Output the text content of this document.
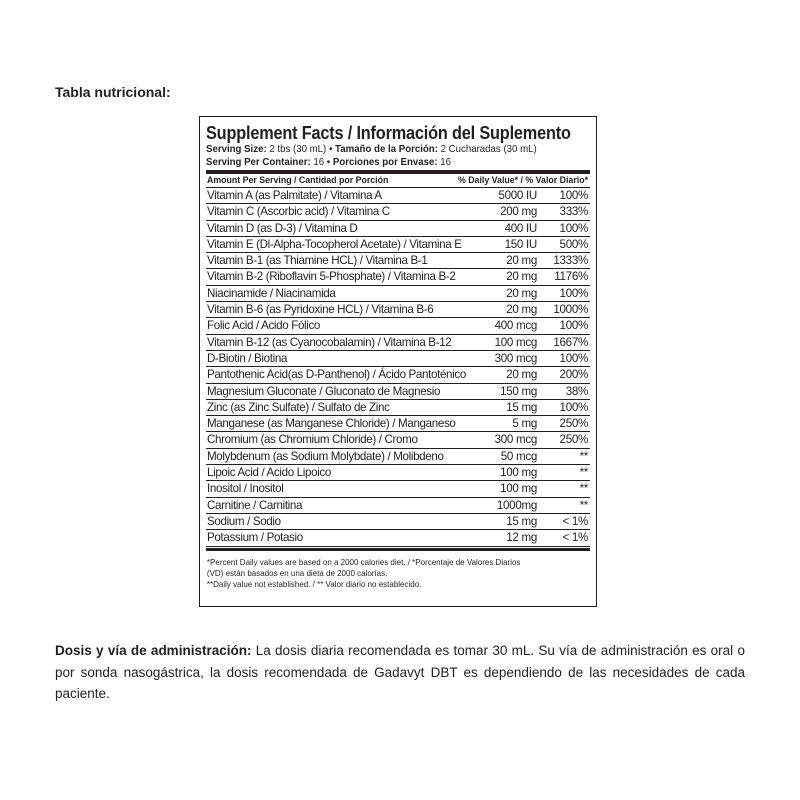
Tabla nutricional:
Supplement Facts / Información del Suplemento
Serving Size: 2 tbs (30 mL) • Tamaño de la Porción: 2 Cucharadas (30 mL)
Serving Per Container: 16 • Porciones por Envase: 16
Amount Per Serving / Cantidad por Porción	% Daily Value* / % Valor Diario*
Vitamin A (as Palmitate) / Vitamina A	5000 IU	100%
Vitamin C (Ascorbic acid) / Vitamina C	200 mg	333%
Vitamin D (as D-3) / Vitamina D	400 IU	100%
Vitamin E (Dl-Alpha-Tocopherol Acetate) / Vitamina E	150 IU	500%
Vitamin B-1 (as Thiamine HCL) / Vitamina B-1	20 mg	1333%
Vitamin B-2 (Riboflavin 5-Phosphate) / Vitamina B-2	20 mg	1176%
Niacinamide / Niacinamida	20 mg	100%
Vitamin B-6 (as Pyridoxine HCL) / Vitamina B-6	20 mg	1000%
Folic Acid / Acido Fólico	400 mcg	100%
Vitamin B-12 (as Cyanocobalamin) / Vitamina B-12	100 mcg	1667%
D-Biotin / Biotina	300 mcg	100%
Pantothenic Acid(as D-Panthenol) / Ácido Pantoténico	20 mg	200%
Magnesium Gluconate / Gluconato de Magnesio	150 mg	38%
Zinc (as Zinc Sulfate) / Sulfato de Zinc	15 mg	100%
Manganese (as Manganese Chloride) / Manganeso	5 mg	250%
Chromium (as Chromium Chloride) / Cromo	300 mcg	250%
Molybdenum (as Sodium Molybdate) / Molibdeno	50 mcg	**
Lipoic Acid / Acido Lipoico	100 mg	**
Inositol / Inositol	100 mg	**
Carnitine / Carnitina	1000mg	**
Sodium / Sodio	15 mg	< 1%
Potassium / Potasio	12 mg	< 1%
*Percent Daily values are based on a 2000 calories diet. / *Porcentaje de Valores Diarios
(VD) están basados en una dieta de 2000 calorías.
**Daily value not established. / ** Valor diario no establecido.

Dosis y vía de administración: La dosis diaria recomendada es tomar 30 mL. Su vía de administración es oral o por sonda nasogástrica, la dosis recomendada de Gadavyt DBT es dependiendo de las necesidades de cada paciente.
